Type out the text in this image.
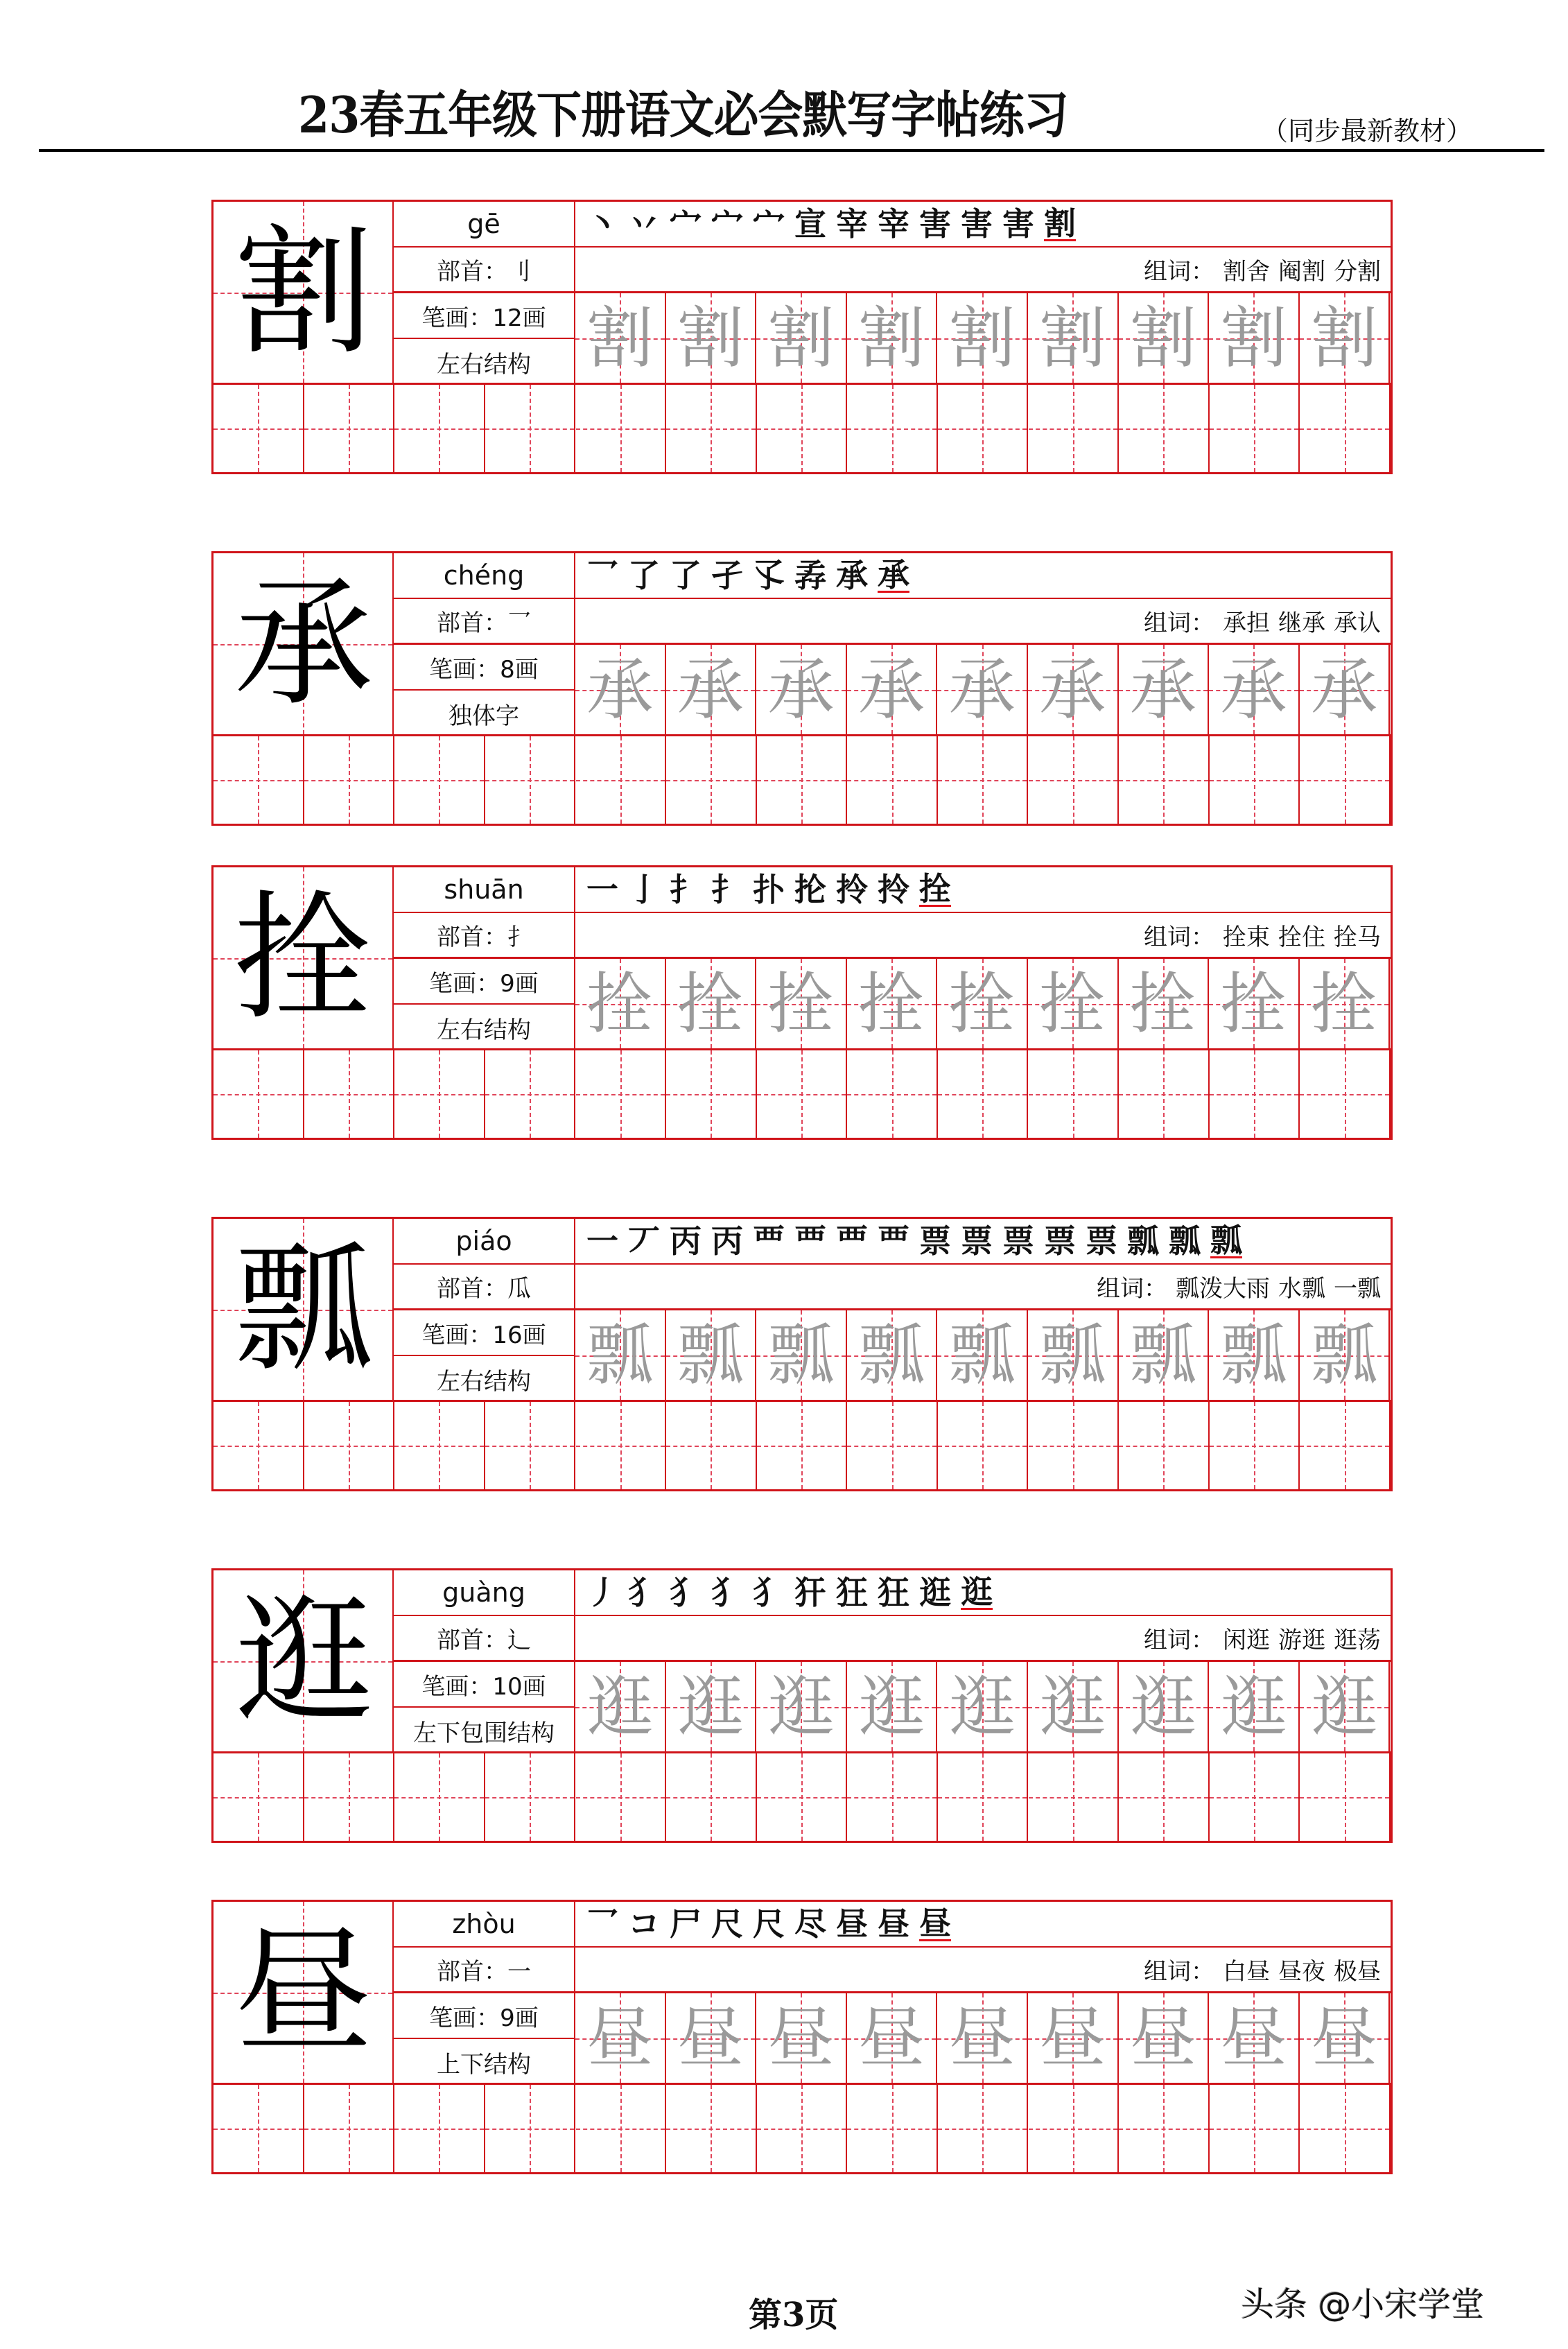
23春五年级下册语文必会默写字帖练习	（同步最新教材）
割	gē
部首： 刂
笔画： 12画
左右结构
丶 丷 宀 宀 宀 宣 宰 宰 害 害 害 割
组词： 割舍 阉割 分割
割 割 割 割 割 割 割 割 割
承	chéng
部首： 乛
笔画： 8画
独体字
乛 了 了 孑 孓 孨 承 承
组词： 承担 继承 承认
承 承 承 承 承 承 承 承 承
拴	shuān
部首： 扌
笔画： 9画
左右结构
一 亅 扌 扌 扑 抡 拎 拎 拴
组词： 拴束 拴住 拴马
拴 拴 拴 拴 拴 拴 拴 拴 拴
瓢	piáo
部首： 瓜
笔画： 16画
左右结构
一 丆 丙 丙 覀 覀 覀 覀 票 票 票 票 票 瓢 瓢 瓢
组词： 瓢泼大雨 水瓢 一瓢
瓢 瓢 瓢 瓢 瓢 瓢 瓢 瓢 瓢
逛	guàng
部首： 辶
笔画： 10画
左下包围结构
丿 犭 犭 犭 犭 犴 狂 狂 逛 逛
组词： 闲逛 游逛 逛荡
逛 逛 逛 逛 逛 逛 逛 逛 逛
昼	zhòu
部首： 一
笔画： 9画
上下结构
乛 コ 尸 尺 尺 尽 昼 昼 昼
组词： 白昼 昼夜 极昼
昼 昼 昼 昼 昼 昼 昼 昼 昼
第3页	头条 @小宋学堂
